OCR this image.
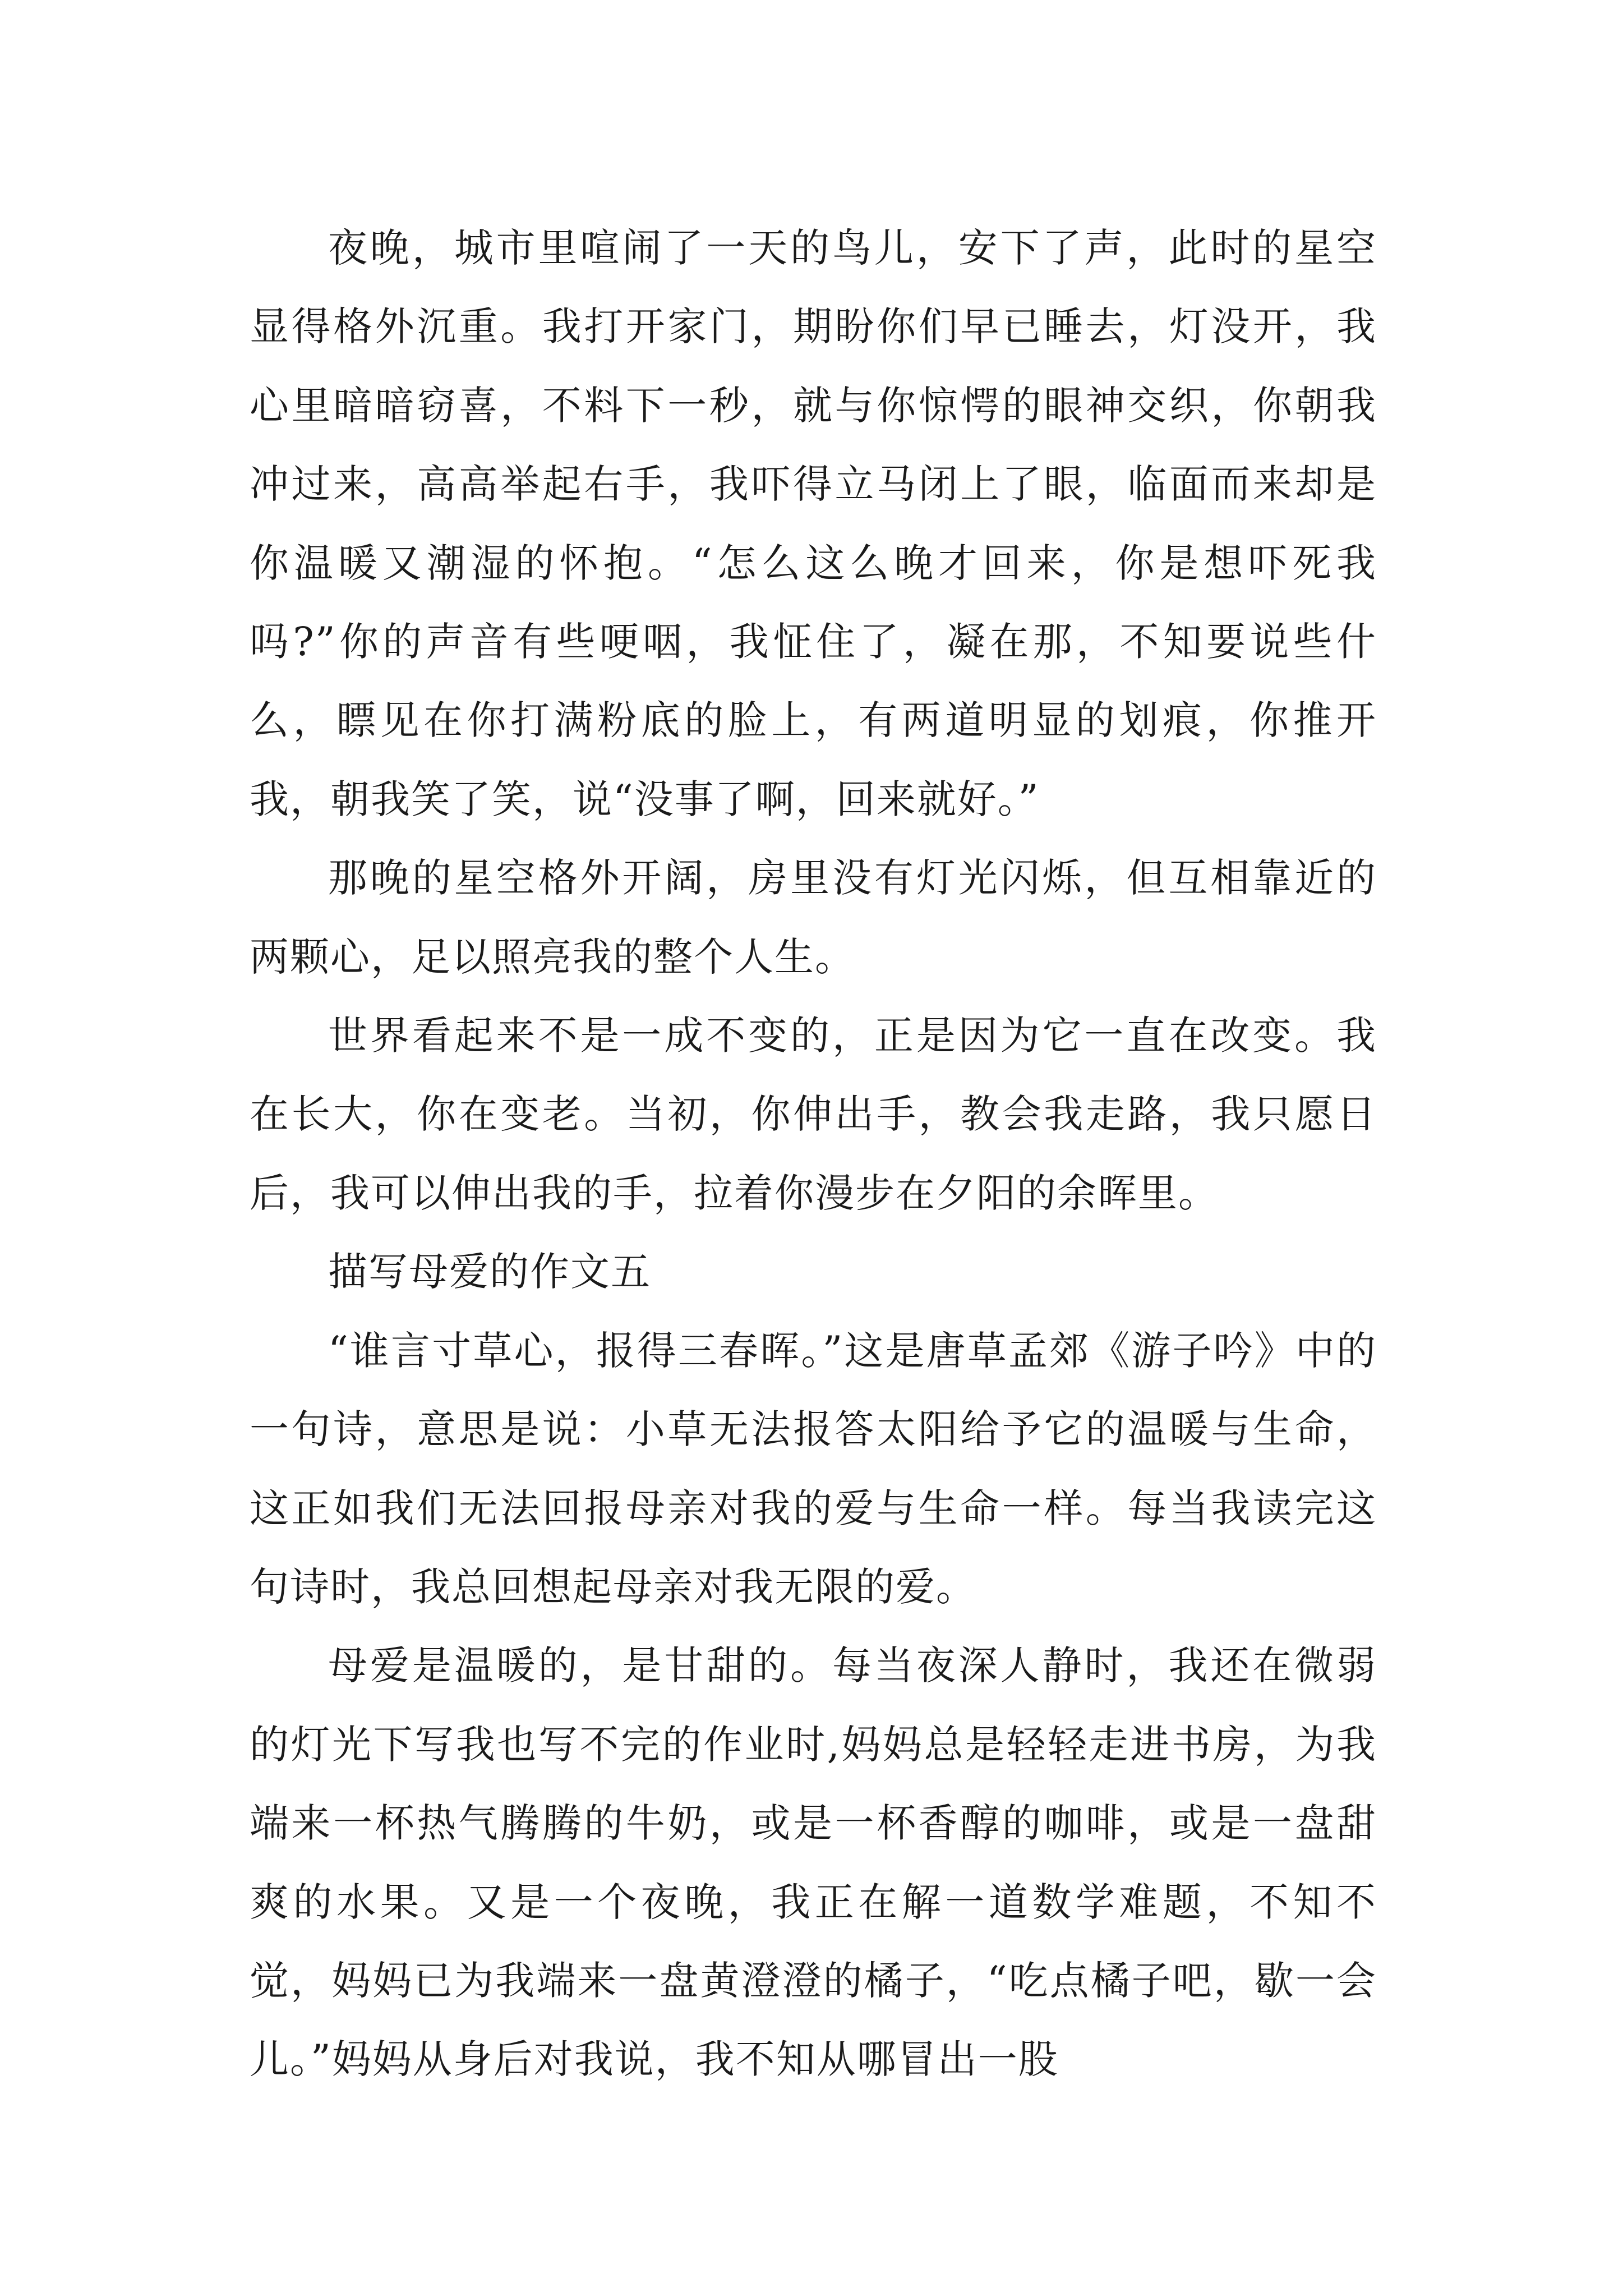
夜晚，城市里喧闹了一天的鸟儿，安下了声，此时的星空显得格外沉重。我打开家门，期盼你们早已睡去，灯没开，我心里暗暗窃喜，不料下一秒，就与你惊愕的眼神交织，你朝我冲过来，高高举起右手，我吓得立马闭上了眼，临面而来却是你温暖又潮湿的怀抱。“怎么这么晚才回来，你是想吓死我吗?”你的声音有些哽咽，我怔住了，凝在那，不知要说些什么，瞟见在你打满粉底的脸上，有两道明显的划痕，你推开我，朝我笑了笑，说“没事了啊，回来就好。”

那晚的星空格外开阔，房里没有灯光闪烁，但互相靠近的两颗心，足以照亮我的整个人生。

世界看起来不是一成不变的，正是因为它一直在改变。我在长大，你在变老。当初，你伸出手，教会我走路，我只愿日后，我可以伸出我的手，拉着你漫步在夕阳的余晖里。

描写母爱的作文五

“谁言寸草心，报得三春晖。”这是唐草孟郊《游子吟》中的一句诗，意思是说：小草无法报答太阳给予它的温暖与生命，这正如我们无法回报母亲对我的爱与生命一样。每当我读完这句诗时，我总回想起母亲对我无限的爱。

母爱是温暖的，是甘甜的。每当夜深人静时，我还在微弱的灯光下写我也写不完的作业时,妈妈总是轻轻走进书房，为我端来一杯热气腾腾的牛奶，或是一杯香醇的咖啡，或是一盘甜爽的水果。又是一个夜晚，我正在解一道数学难题，不知不觉，妈妈已为我端来一盘黄澄澄的橘子，“吃点橘子吧，歇一会儿。”妈妈从身后对我说，我不知从哪冒出一股
